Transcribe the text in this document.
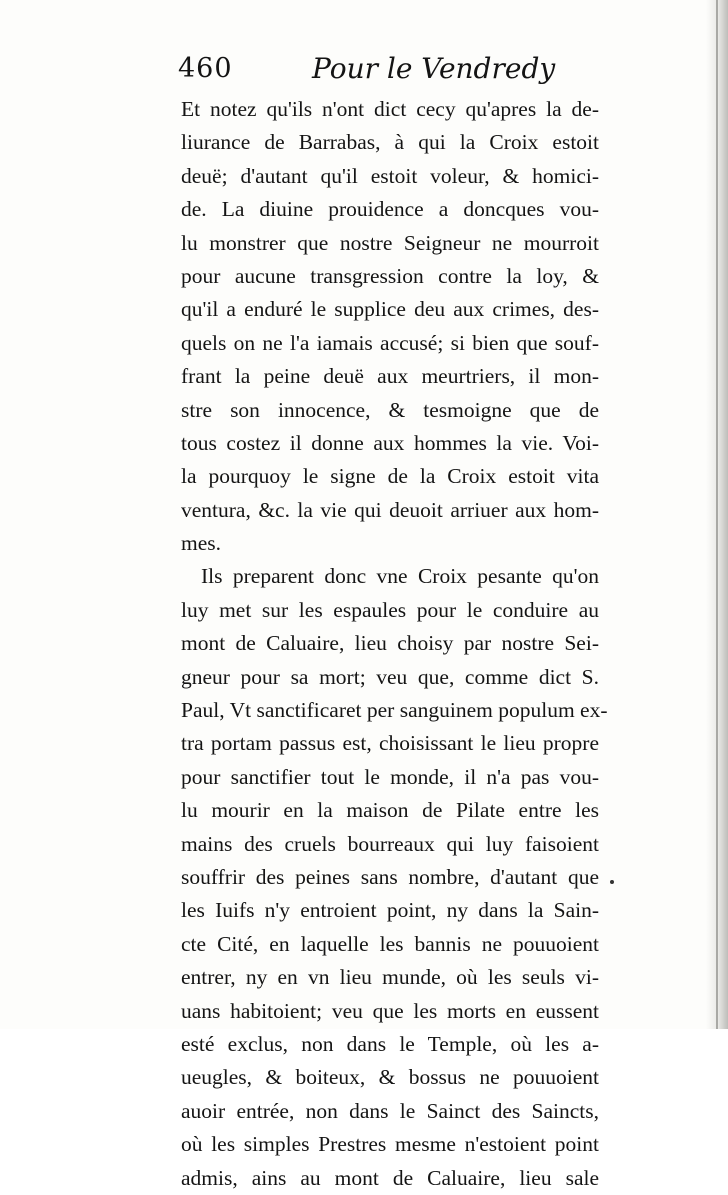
460	Pour le Vendredy
Et notez qu'ils n'ont dict cecy qu'apres la de-
liurance de Barrabas, à qui la Croix estoit
deuë; d'autant qu'il estoit voleur, & homici-
de. La diuine prouidence a doncques vou-
lu monstrer que nostre Seigneur ne mourroit
pour aucune transgression contre la loy, &
qu'il a enduré le supplice deu aux crimes, des-
quels on ne l'a iamais accusé; si bien que souf-
frant la peine deuë aux meurtriers, il mon-
stre son innocence, & tesmoigne que de
tous costez il donne aux hommes la vie. Voi-
la pourquoy le signe de la Croix estoit vita
ventura, &c. la vie qui deuoit arriuer aux hom-
mes.
Ils preparent donc vne Croix pesante qu'on
luy met sur les espaules pour le conduire au
mont de Caluaire, lieu choisy par nostre Sei-
gneur pour sa mort; veu que, comme dict S.
Paul, Vt sanctificaret per sanguinem populum ex-
tra portam passus est, choisissant le lieu propre
pour sanctifier tout le monde, il n'a pas vou-
lu mourir en la maison de Pilate entre les
mains des cruels bourreaux qui luy faisoient
souffrir des peines sans nombre, d'autant que
les Iuifs n'y entroient point, ny dans la Sain-
cte Cité, en laquelle les bannis ne pouuoient
entrer, ny en vn lieu munde, où les seuls vi-
uans habitoient; veu que les morts en eussent
esté exclus, non dans le Temple, où les a-
ueugles, & boiteux, & bossus ne pouuoient
auoir entrée, non dans le Sainct des Saincts,
où les simples Prestres mesme n'estoient point
admis, ains au mont de Caluaire, lieu sale
